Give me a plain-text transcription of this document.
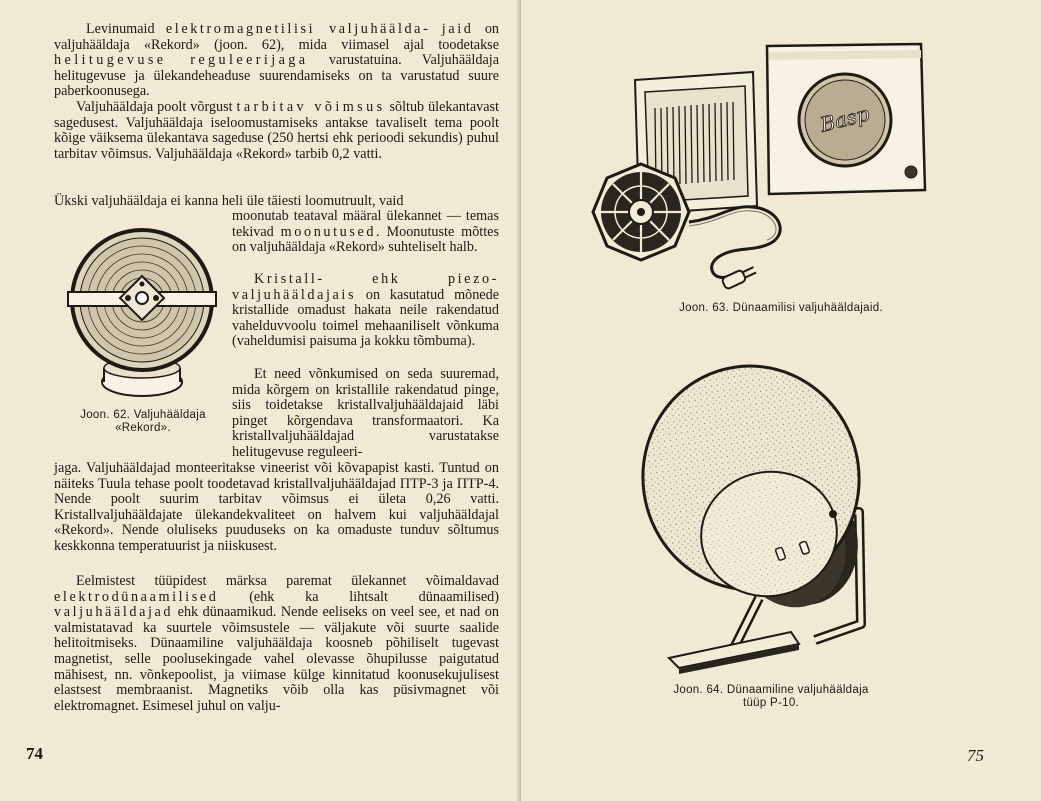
Levinumaid elektromagnetilisi valjuhäälda- jaid on valjuhääldaja «Rekord» (joon. 62), mida viimasel ajal toodetakse helitugevuse reguleerijaga varustatuina. Valjuhääldaja helitugevuse ja ülekandeheaduse suurendamiseks on ta varustatud suure paberkoonusega.

Valjuhääldaja poolt võrgust tarbitav võimsus sõltub ülekantavast sagedusest. Valjuhääldaja iseloomustamiseks antakse tavaliselt tema poolt kõige väiksema ülekantava sageduse (250 hertsi ehk perioodi sekundis) puhul tarbitav võimsus. Valjuhääldaja «Rekord» tarbib 0,2 vatti.

Ükski valjuhääldaja ei kanna heli üle täiesti loomutruult, vaid

Joon. 62. Valjuhääldaja
«Rekord».

moonutab teataval määral ülekannet — temas tekivad moonutused. Moonutuste mõttes on valjuhääldaja «Rekord» suhteliselt halb.

Kristall- ehk piezo-valjuhääldajais on kasutatud mõnede kristallide omadust hakata neile rakendatud vahelduvvoolu toimel mehaaniliselt võnkuma (vaheldumisi paisuma ja kokku tõmbuma).

Et need võnkumised on seda suuremad, mida kõrgem on kristallile rakendatud pinge, siis toidetakse kristallvaljuhääldajaid läbi pinget kõrgendava transformaatori. Ka kristallvaljuhääldajad varustatakse helitugevuse reguleeri-

jaga. Valjuhääldajad monteeritakse vineerist või kõvapapist kasti. Tuntud on näiteks Tuula tehase poolt toodetavad kristallvaljuhääldajad ПТР-3 ja ПТР-4. Nende poolt suurim tarbitav võimsus ei ületa 0,26 vatti. Kristallvaljuhääldajate ülekandekvaliteet on halvem kui valjuhääldajal «Rekord». Nende oluliseks puuduseks on ka omaduste tunduv sõltumus keskkonna temperatuurist ja niiskusest.

Eelmistest tüüpidest märksa paremat ülekannet võimaldavad elektrodünaamilised (ehk ka lihtsalt dünaamilised) valjuhääldajad ehk dünaamikud. Nende eeliseks on veel see, et nad on valmistatavad ka suurtele võimsustele — väljakute või suurte saalide helitoitmiseks. Dünaamiline valjuhääldaja koosneb põhiliselt tugevast magnetist, selle poolusekingade vahel olevasse õhupilusse paigutatud mähisest, nn. võnkepoolist, ja viimase külge kinnitatud koonusekujulisest elastsest membraanist. Magnetiks võib olla kas püsivmagnet või elektromagnet. Esimesel juhul on valju-

74
Basp
Joon. 63. Dünaamilisi valjuhääldajaid.
Joon. 64. Dünaamiline valjuhääldaja
tüüp P-10.
75
